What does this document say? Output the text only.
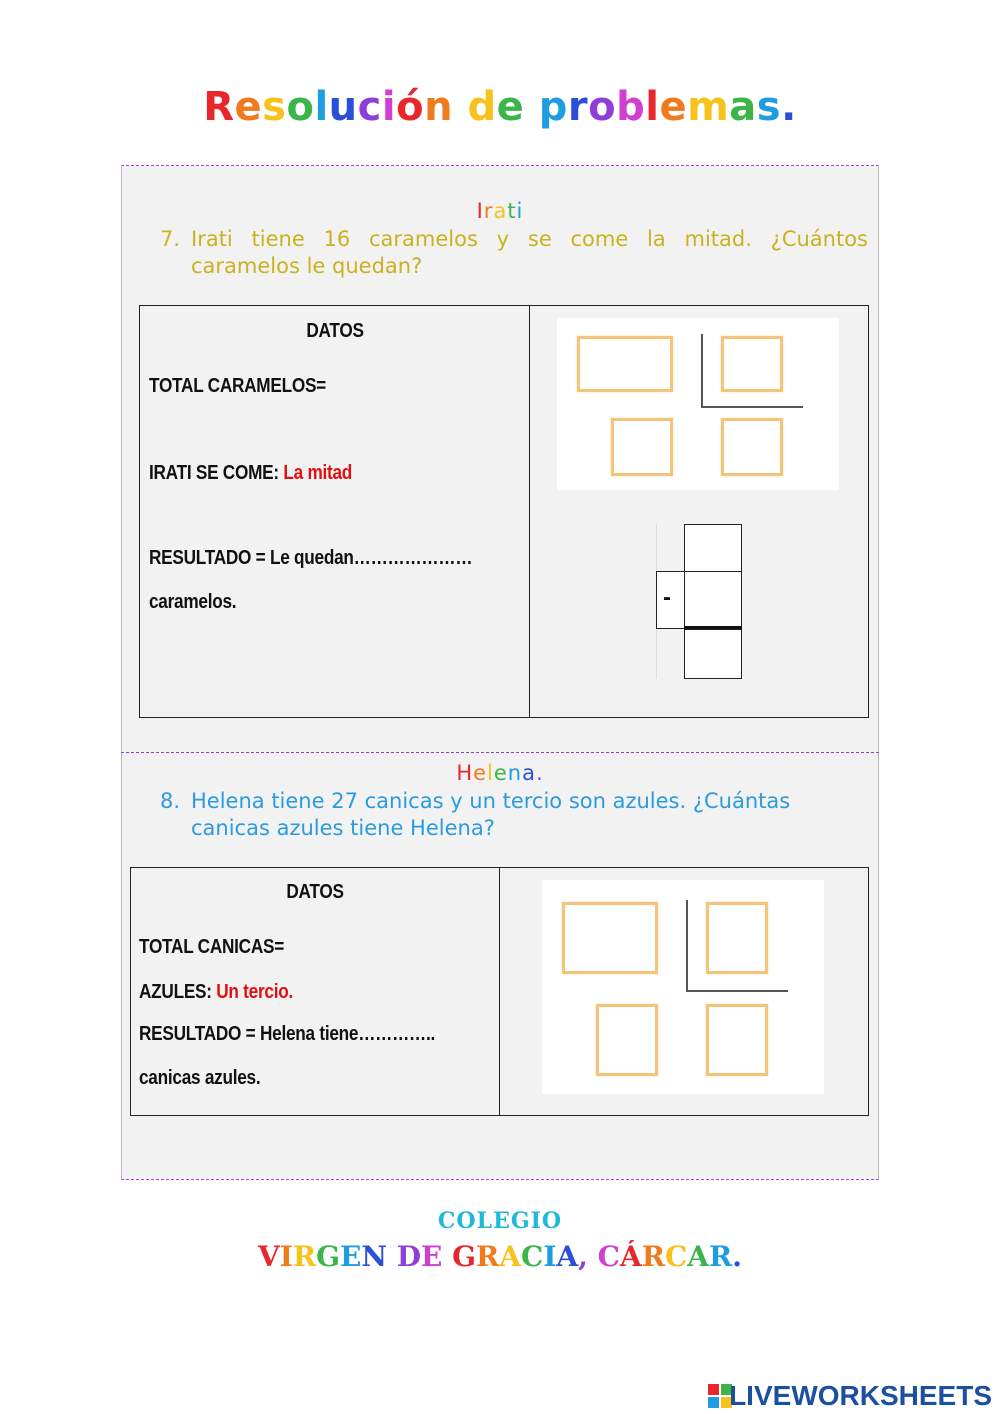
Resolución de problemas.
Irati
7. Irati tiene 16 caramelos y se come la mitad. ¿Cuántos caramelos le quedan?
DATOS
TOTAL CARAMELOS=
IRATI SE COME: La mitad
RESULTADO = Le quedan…………………
caramelos.	-
Helena.
8. Helena tiene 27 canicas y un tercio son azules. ¿Cuántas canicas azules tiene Helena?
DATOS
TOTAL CANICAS=
AZULES: Un tercio.
RESULTADO = Helena tiene…………..
canicas azules.
COLEGIO
VIRGEN DE GRACIA, CÁRCAR.
LIVEWORKSHEETS
